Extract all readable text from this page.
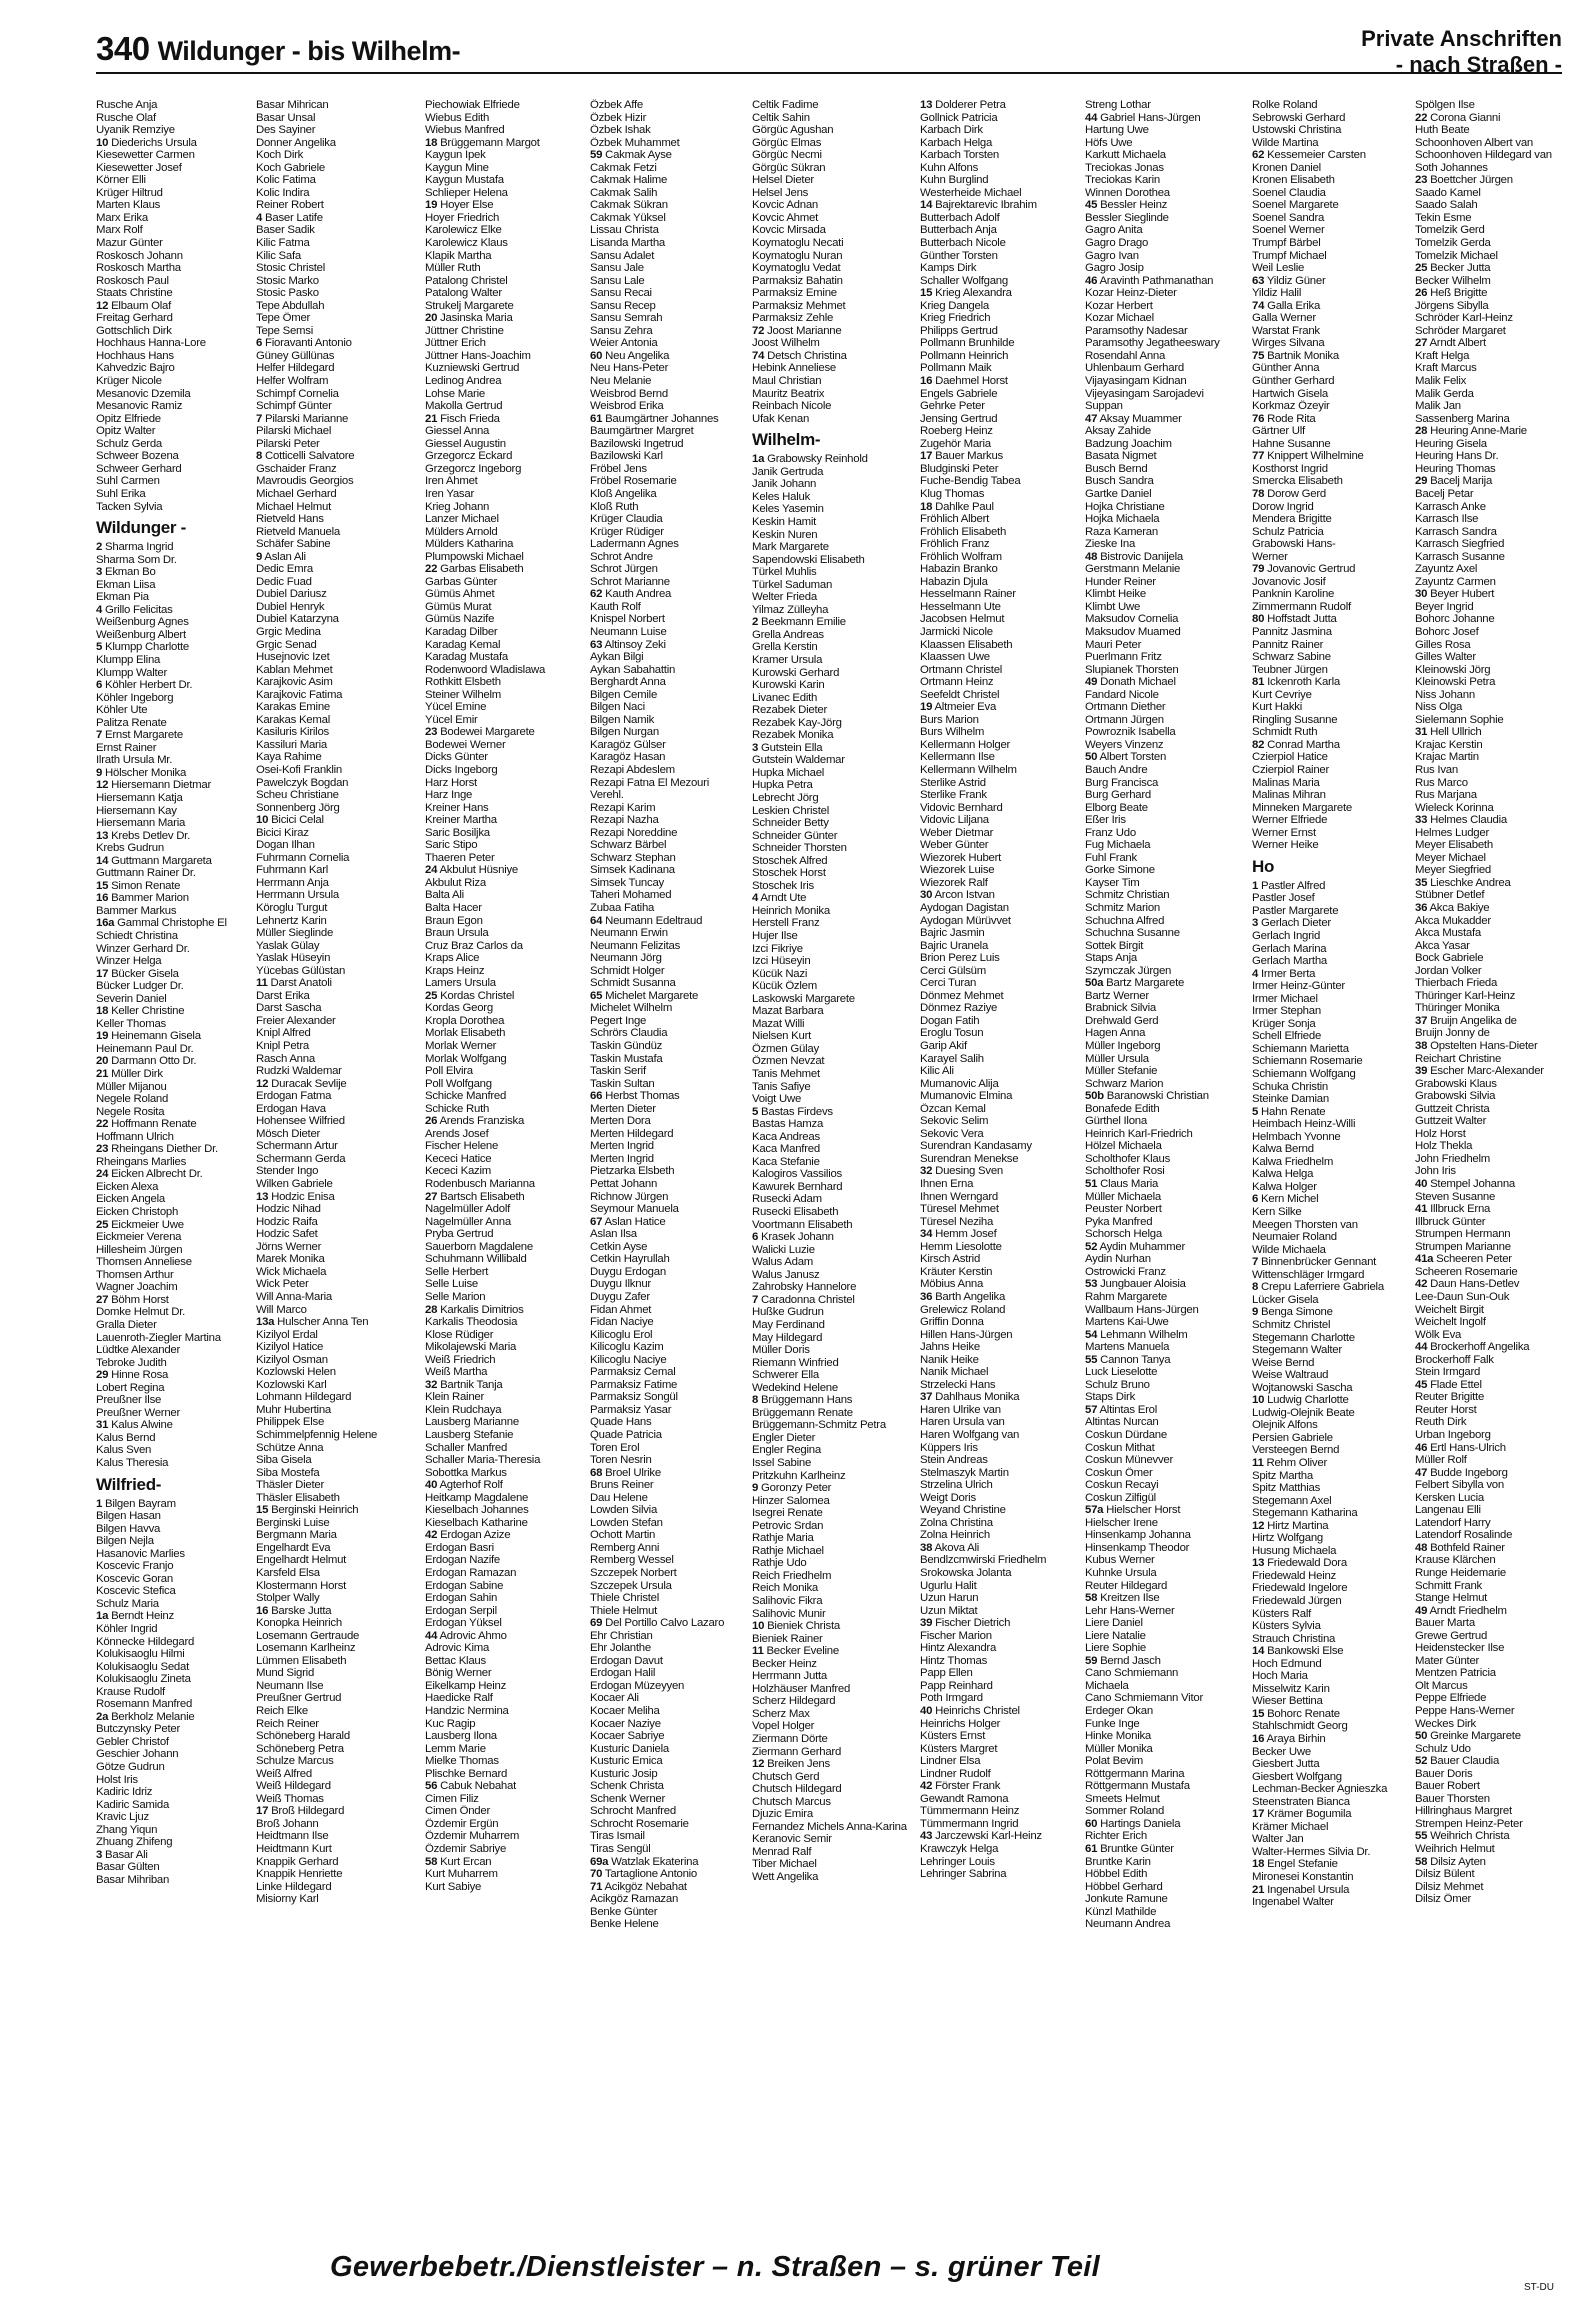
340 Wildunger - bis Wilhelm-	Private Anschriften
- nach Straßen -
Rusche Anja
Rusche Olaf
Uyanik Remziye
10 Diederichs Ursula
Kiesewetter Carmen
Kiesewetter Josef
Körner Elli
Krüger Hiltrud
Marten Klaus
Marx Erika
Marx Rolf
Mazur Günter
Roskosch Johann
Roskosch Martha
Roskosch Paul
Staats Christine
12 Elbaum Olaf
Freitag Gerhard
Gottschlich Dirk
Hochhaus Hanna-Lore
Hochhaus Hans
Kahvedzic Bajro
Krüger Nicole
Mesanovic Dzemila
Mesanovic Ramiz
Opitz Elfriede
Opitz Walter
Schulz Gerda
Schweer Bozena
Schweer Gerhard
Suhl Carmen
Suhl Erika
Tacken Sylvia
Wildunger -
2 Sharma Ingrid
Sharma Som Dr.
3 Ekman Bo
Ekman Liisa
Ekman Pia
4 Grillo Felicitas
Weißenburg Agnes
Weißenburg Albert
5 Klumpp Charlotte
Klumpp Elina
Klumpp Walter
6 Köhler Herbert Dr.
Köhler Ingeborg
Köhler Ute
Palitza Renate
7 Ernst Margarete
Ernst Rainer
Ilrath Ursula Mr.
9 Hölscher Monika
12 Hiersemann Dietmar
Hiersemann Katja
Hiersemann Kay
Hiersemann Maria
13 Krebs Detlev Dr.
Krebs Gudrun
14 Guttmann Margareta
Guttmann Rainer Dr.
15 Simon Renate
16 Bammer Marion
Bammer Markus
16a Gammal Christophe El
Schiedt Christina
Winzer Gerhard Dr.
Winzer Helga
17 Bücker Gisela
Bücker Ludger Dr.
Severin Daniel
18 Keller Christine
Keller Thomas
19 Heinemann Gisela
Heinemann Paul Dr.
20 Darmann Otto Dr.
21 Müller Dirk
Müller Mijanou
Negele Roland
Negele Rosita
22 Hoffmann Renate
Hoffmann Ulrich
23 Rheingans Diether Dr.
Rheingans Marlies
24 Eicken Albrecht Dr.
Eicken Alexa
Eicken Angela
Eicken Christoph
25 Eickmeier Uwe
Eickmeier Verena
Hillesheim Jürgen
Thomsen Anneliese
Thomsen Arthur
Wagner Joachim
27 Böhm Horst
Domke Helmut Dr.
Gralla Dieter
Lauenroth-Ziegler Martina
Lüdtke Alexander
Tebroke Judith
29 Hinne Rosa
Lobert Regina
Preußner Ilse
Preußner Werner
31 Kalus Alwine
Kalus Bernd
Kalus Sven
Kalus Theresia
Wilfried-
1 Bilgen Bayram
Bilgen Hasan
Bilgen Havva
Bilgen Nejla
Hasanovic Marlies
Koscevic Franjo
Koscevic Goran
Koscevic Stefica
Schulz Maria
1a Berndt Heinz
Köhler Ingrid
Könnecke Hildegard
Kolukisaoglu Hilmi
Kolukisaoglu Sedat
Kolukisaoglu Zineta
Krause Rudolf
Rosemann Manfred
2a Berkholz Melanie
Butczynsky Peter
Gebler Christof
Geschier Johann
Götze Gudrun
Holst Iris
Kadiric Idriz
Kadiric Samida
Kravic Ljuz
Zhang Yiqun
Zhuang Zhifeng
3 Basar Ali
Basar Gülten
Basar Mihriban
Basar Mihrican
Basar Unsal
Des Sayiner
Donner Angelika
Koch Dirk
Koch Gabriele
Kolic Fatima
Kolic Indira
Reiner Robert
4 Baser Latife
Baser Sadik
Kilic Fatma
Kilic Safa
Stosic Christel
Stosic Marko
Stosic Pasko
Tepe Abdullah
Tepe Ömer
Tepe Semsi
6 Fioravanti Antonio
Güney Güllünas
Helfer Hildegard
Helfer Wolfram
Schimpf Cornelia
Schimpf Günter
7 Pilarski Marianne
Pilarski Michael
Pilarski Peter
8 Cotticelli Salvatore
Gschaider Franz
Mavroudis Georgios
Michael Gerhard
Michael Helmut
Rietveld Hans
Rietveld Manuela
Schäfer Sabine
9 Aslan Ali
Dedic Emra
Dedic Fuad
Dubiel Dariusz
Dubiel Henryk
Dubiel Katarzyna
Grgic Medina
Grgic Senad
Husejnovic Izet
Kablan Mehmet
Karajkovic Asim
Karajkovic Fatima
Karakas Emine
Karakas Kemal
Kasiluris Kirilos
Kassiluri Maria
Kaya Rahime
Osei-Kofi Franklin
Pawelczyk Bogdan
Scheu Christiane
Sonnenberg Jörg
10 Bicici Celal
Bicici Kiraz
Dogan Ilhan
Fuhrmann Cornelia
Fuhrmann Karl
Herrmann Anja
Herrmann Ursula
Köroglu Turgut
Lehnertz Karin
Müller Sieglinde
Yaslak Gülay
Yaslak Hüseyin
Yücebas Gülüstan
11 Darst Anatoli
Darst Erika
Darst Sascha
Freier Alexander
Knipl Alfred
Knipl Petra
Rasch Anna
Rudzki Waldemar
12 Duracak Sevlije
Erdogan Fatma
Erdogan Hava
Hohensee Wilfried
Mösch Dieter
Schermann Artur
Schermann Gerda
Stender Ingo
Wilken Gabriele
13 Hodzic Enisa
Hodzic Nihad
Hodzic Raifa
Hodzic Safet
Jörns Werner
Marek Monika
Wick Michaela
Wick Peter
Will Anna-Maria
Will Marco
13a Hulscher Anna Ten
Kizilyol Erdal
Kizilyol Hatice
Kizilyol Osman
Kozlowski Helen
Kozlowski Karl
Lohmann Hildegard
Muhr Hubertina
Philippek Else
Schimmelpfennig Helene
Schütze Anna
Siba Gisela
Siba Mostefa
Thäsler Dieter
Thäsler Elisabeth
15 Berginski Heinrich
Berginski Luise
Bergmann Maria
Engelhardt Eva
Engelhardt Helmut
Karsfeld Elsa
Klostermann Horst
Stolper Wally
16 Barske Jutta
Konopka Heinrich
Losemann Gertraude
Losemann Karlheinz
Lümmen Elisabeth
Mund Sigrid
Neumann Ilse
Preußner Gertrud
Reich Elke
Reich Reiner
Schöneberg Harald
Schöneberg Petra
Schulze Marcus
Weiß Alfred
Weiß Hildegard
Weiß Thomas
17 Broß Hildegard
Broß Johann
Heidtmann Ilse
Heidtmann Kurt
Knappik Gerhard
Knappik Henriette
Linke Hildegard
Misiorny Karl
Piechowiak Elfriede
Wiebus Edith
Wiebus Manfred
18 Brüggemann Margot
Kaygun Ipek
Kaygun Mine
Kaygun Mustafa
Schlieper Helena
19 Hoyer Else
Hoyer Friedrich
Karolewicz Elke
Karolewicz Klaus
Klapik Martha
Müller Ruth
Patalong Christel
Patalong Walter
Strukelj Margarete
20 Jasinska Maria
Jüttner Christine
Jüttner Erich
Jüttner Hans-Joachim
Kuzniewski Gertrud
Ledinog Andrea
Lohse Marie
Makolla Gertrud
21 Fisch Frieda
Giessel Anna
Giessel Augustin
Grzegorcz Eckard
Grzegorcz Ingeborg
Iren Ahmet
Iren Yasar
Krieg Johann
Lanzer Michael
Mülders Arnold
Mülders Katharina
Plumpowski Michael
22 Garbas Elisabeth
Garbas Günter
Gümüs Ahmet
Gümüs Murat
Gümüs Nazife
Karadag Dilber
Karadag Kemal
Karadag Mustafa
Rodenwoord Wladislawa
Rothkitt Elsbeth
Steiner Wilhelm
Yücel Emine
Yücel Emir
23 Bodewei Margarete
Bodewei Werner
Dicks Günter
Dicks Ingeborg
Harz Horst
Harz Inge
Kreiner Hans
Kreiner Martha
Saric Bosiljka
Saric Stipo
Thaeren Peter
24 Akbulut Hüsniye
Akbulut Riza
Balta Ali
Balta Hacer
Braun Egon
Braun Ursula
Cruz Braz Carlos da
Kraps Alice
Kraps Heinz
Lamers Ursula
25 Kordas Christel
Kordas Georg
Kropla Dorothea
Morlak Elisabeth
Morlak Werner
Morlak Wolfgang
Poll Elvira
Poll Wolfgang
Schicke Manfred
Schicke Ruth
26 Arends Franziska
Arends Josef
Fischer Helene
Kececi Hatice
Kececi Kazim
Rodenbusch Marianna
27 Bartsch Elisabeth
Nagelmüller Adolf
Nagelmüller Anna
Pryba Gertrud
Sauerborn Magdalene
Schuhmann Willibald
Selle Herbert
Selle Luise
Selle Marion
28 Karkalis Dimitrios
Karkalis Theodosia
Klose Rüdiger
Mikolajewski Maria
Weiß Friedrich
Weiß Martha
32 Bartnik Tanja
Klein Rainer
Klein Rudchaya
Lausberg Marianne
Lausberg Stefanie
Schaller Manfred
Schaller Maria-Theresia
Sobottka Markus
40 Agterhof Rolf
Heitkamp Magdalene
Kieselbach Johannes
Kieselbach Katharine
42 Erdogan Azize
Erdogan Basri
Erdogan Nazife
Erdogan Ramazan
Erdogan Sabine
Erdogan Sahin
Erdogan Serpil
Erdogan Yüksel
44 Adrovic Ahmo
Adrovic Kima
Bettac Klaus
Bönig Werner
Eikelkamp Heinz
Haedicke Ralf
Handzic Nermina
Kuc Ragip
Lausberg Ilona
Lemm Marie
Mielke Thomas
Plischke Bernard
56 Cabuk Nebahat
Cimen Filiz
Cimen Önder
Özdemir Ergün
Özdemir Muharrem
Özdemir Sabriye
58 Kurt Ercan
Kurt Muharrem
Kurt Sabiye
Özbek Affe
Özbek Hizir
Özbek Ishak
Özbek Muhammet
59 Cakmak Ayse
Cakmak Fetzi
Cakmak Halime
Cakmak Salih
Cakmak Sükran
Cakmak Yüksel
Lissau Christa
Lisanda Martha
Sansu Adalet
Sansu Jale
Sansu Lale
Sansu Recai
Sansu Recep
Sansu Semrah
Sansu Zehra
Weier Antonia
60 Neu Angelika
Neu Hans-Peter
Neu Melanie
Weisbrod Bernd
Weisbrod Erika
61 Baumgärtner Johannes
Baumgärtner Margret
Bazilowski Ingetrud
Bazilowski Karl
Fröbel Jens
Fröbel Rosemarie
Kloß Angelika
Kloß Ruth
Krüger Claudia
Krüger Rüdiger
Ladermann Agnes
Schrot Andre
Schrot Jürgen
Schrot Marianne
62 Kauth Andrea
Kauth Rolf
Knispel Norbert
Neumann Luise
63 Altinsoy Zeki
Aykan Bilgi
Aykan Sabahattin
Berghardt Anna
Bilgen Cemile
Bilgen Naci
Bilgen Namik
Bilgen Nurgan
Karagöz Gülser
Karagöz Hasan
Rezapi Abdeslem
Rezapi Fatna El Mezouri
Verehl.
Rezapi Karim
Rezapi Nazha
Rezapi Noreddine
Schwarz Bärbel
Schwarz Stephan
Simsek Kadinana
Simsek Tuncay
Taheri Mohamed
Zubaa Fatiha
64 Neumann Edeltraud
Neumann Erwin
Neumann Felizitas
Neumann Jörg
Schmidt Holger
Schmidt Susanna
65 Michelet Margarete
Michelet Wilhelm
Pegert Inge
Schrörs Claudia
Taskin Gündüz
Taskin Mustafa
Taskin Serif
Taskin Sultan
66 Herbst Thomas
Merten Dieter
Merten Dora
Merten Hildegard
Merten Ingrid
Merten Ingrid
Pietzarka Elsbeth
Pettat Johann
Richnow Jürgen
Seymour Manuela
67 Aslan Hatice
Aslan Ilsa
Cetkin Ayse
Cetkin Hayrullah
Duygu Erdogan
Duygu Ilknur
Duygu Zafer
Fidan Ahmet
Fidan Naciye
Kilicoglu Erol
Kilicoglu Kazim
Kilicoglu Naciye
Parmaksiz Cemal
Parmaksiz Fatime
Parmaksiz Songül
Parmaksiz Yasar
Quade Hans
Quade Patricia
Toren Erol
Toren Nesrin
68 Broel Ulrike
Bruns Reiner
Dau Helene
Lowden Silvia
Lowden Stefan
Ochott Martin
Remberg Anni
Remberg Wessel
Szczepek Norbert
Szczepek Ursula
Thiele Christel
Thiele Helmut
69 Del Portillo Calvo Lazaro
Ehr Christian
Ehr Jolanthe
Erdogan Davut
Erdogan Halil
Erdogan Müzeyyen
Kocaer Ali
Kocaer Meliha
Kocaer Naziye
Kocaer Sabriye
Kusturic Daniela
Kusturic Emica
Kusturic Josip
Schenk Christa
Schenk Werner
Schrocht Manfred
Schrocht Rosemarie
Tiras Ismail
Tiras Sengül
69a Watzlak Ekaterina
70 Tartaglione Antonio
71 Acikgöz Nebahat
Acikgöz Ramazan
Benke Günter
Benke Helene
Celtik Fadime
Celtik Sahin
Görgüc Agushan
Görgüc Elmas
Görgüc Necmi
Görgüc Sükran
Helsel Dieter
Helsel Jens
Kovcic Adnan
Kovcic Ahmet
Kovcic Mirsada
Koymatoglu Necati
Koymatoglu Nuran
Koymatoglu Vedat
Parmaksiz Bahatin
Parmaksiz Emine
Parmaksiz Mehmet
Parmaksiz Zehle
72 Joost Marianne
Joost Wilhelm
74 Detsch Christina
Hebink Anneliese
Maul Christian
Mauritz Beatrix
Reinbach Nicole
Ufak Kenan
Wilhelm-
1a Grabowsky Reinhold
Janik Gertruda
Janik Johann
Keles Haluk
Keles Yasemin
Keskin Hamit
Keskin Nuren
Mark Margarete
Sapendowski Elisabeth
Türkel Muhlis
Türkel Saduman
Welter Frieda
Yilmaz Zülleyha
2 Beekmann Emilie
Grella Andreas
Grella Kerstin
Kramer Ursula
Kurowski Gerhard
Kurowski Karin
Livanec Edith
Rezabek Dieter
Rezabek Kay-Jörg
Rezabek Monika
3 Gutstein Ella
Gutstein Waldemar
Hupka Michael
Hupka Petra
Lebrecht Jörg
Leskien Christel
Schneider Betty
Schneider Günter
Schneider Thorsten
Stoschek Alfred
Stoschek Horst
Stoschek Iris
4 Arndt Ute
Heinrich Monika
Herstell Franz
Hujer Ilse
Izci Fikriye
Izci Hüseyin
Kücük Nazi
Kücük Özlem
Laskowski Margarete
Mazat Barbara
Mazat Willi
Nielsen Kurt
Özmen Gülay
Özmen Nevzat
Tanis Mehmet
Tanis Safiye
Voigt Uwe
5 Bastas Firdevs
Bastas Hamza
Kaca Andreas
Kaca Manfred
Kaca Stefanie
Kalogiros Vassilios
Kawurek Bernhard
Rusecki Adam
Rusecki Elisabeth
Voortmann Elisabeth
6 Krasek Johann
Walicki Luzie
Walus Adam
Walus Janusz
Zahrobsky Hannelore
7 Caradonna Christel
Hußke Gudrun
May Ferdinand
May Hildegard
Müller Doris
Riemann Winfried
Schwerer Ella
Wedekind Helene
8 Brüggemann Hans
Brüggemann Renate
Brüggemann-Schmitz Petra
Engler Dieter
Engler Regina
Issel Sabine
Pritzkuhn Karlheinz
9 Goronzy Peter
Hinzer Salomea
Isegrei Renate
Petrovic Srdan
Rathje Maria
Rathje Michael
Rathje Udo
Reich Friedhelm
Reich Monika
Salihovic Fikra
Salihovic Munir
10 Bieniek Christa
Bieniek Rainer
11 Becker Eveline
Becker Heinz
Herrmann Jutta
Holzhäuser Manfred
Scherz Hildegard
Scherz Max
Vopel Holger
Ziermann Dörte
Ziermann Gerhard
12 Breiken Jens
Chutsch Gerd
Chutsch Hildegard
Chutsch Marcus
Djuzic Emira
Fernandez Michels Anna-Karina
Keranovic Semir
Menrad Ralf
Tiber Michael
Wett Angelika
13 Dolderer Petra
Gollnick Patricia
Karbach Dirk
Karbach Helga
Karbach Torsten
Kuhn Alfons
Kuhn Burglind
Westerheide Michael
14 Bajrektarevic Ibrahim
Butterbach Adolf
Butterbach Anja
Butterbach Nicole
Günther Torsten
Kamps Dirk
Schaller Wolfgang
15 Krieg Alexandra
Krieg Dangela
Krieg Friedrich
Philipps Gertrud
Pollmann Brunhilde
Pollmann Heinrich
Pollmann Maik
16 Daehmel Horst
Engels Gabriele
Gehrke Peter
Jensing Gertrud
Roeberg Heinz
Zugehör Maria
17 Bauer Markus
Bludginski Peter
Fuche-Bendig Tabea
Klug Thomas
18 Dahlke Paul
Fröhlich Albert
Fröhlich Elisabeth
Fröhlich Franz
Fröhlich Wolfram
Habazin Branko
Habazin Djula
Hesselmann Rainer
Hesselmann Ute
Jacobsen Helmut
Jarmicki Nicole
Klaassen Elisabeth
Klaassen Uwe
Ortmann Christel
Ortmann Heinz
Seefeldt Christel
19 Altmeier Eva
Burs Marion
Burs Wilhelm
Kellermann Holger
Kellermann Ilse
Kellermann Wilhelm
Sterlike Astrid
Sterlike Frank
Vidovic Bernhard
Vidovic Liljana
Weber Dietmar
Weber Günter
Wiezorek Hubert
Wiezorek Luise
Wiezorek Ralf
30 Arcon Istvan
Aydogan Dagistan
Aydogan Mürüvvet
Bajric Jasmin
Bajric Uranela
Brion Perez Luis
Cerci Gülsüm
Cerci Turan
Dönmez Mehmet
Dönmez Raziye
Dogan Fatih
Eroglu Tosun
Garip Akif
Karayel Salih
Kilic Ali
Mumanovic Alija
Mumanovic Elmina
Özcan Kemal
Sekovic Selim
Sekovic Vera
Surendran Kandasamy
Surendran Menekse
32 Duesing Sven
Ihnen Erna
Ihnen Werngard
Türesel Mehmet
Türesel Neziha
34 Hemm Josef
Hemm Liesolotte
Kirsch Astrid
Kräuter Kerstin
Möbius Anna
36 Barth Angelika
Grelewicz Roland
Griffin Donna
Hillen Hans-Jürgen
Jahns Heike
Nanik Heike
Nanik Michael
Strzelecki Hans
37 Dahlhaus Monika
Haren Ulrike van
Haren Ursula van
Haren Wolfgang van
Küppers Iris
Stein Andreas
Stelmaszyk Martin
Strzelina Ulrich
Weigt Doris
Weyand Christine
Zolna Christina
Zolna Heinrich
38 Akova Ali
Bendlzcmwirski Friedhelm
Srokowska Jolanta
Ugurlu Halit
Uzun Harun
Uzun Miktat
39 Fischer Dietrich
Fischer Marion
Hintz Alexandra
Hintz Thomas
Papp Ellen
Papp Reinhard
Poth Irmgard
40 Heinrichs Christel
Heinrichs Holger
Küsters Ernst
Küsters Margret
Lindner Elsa
Lindner Rudolf
42 Förster Frank
Gewandt Ramona
Tümmermann Heinz
Tümmermann Ingrid
43 Jarczewski Karl-Heinz
Krawczyk Helga
Lehringer Louis
Lehringer Sabrina
Streng Lothar
44 Gabriel Hans-Jürgen
Hartung Uwe
Höfs Uwe
Karkutt Michaela
Treciokas Jonas
Treciokas Karin
Winnen Dorothea
45 Bessler Heinz
Bessler Sieglinde
Gagro Anita
Gagro Drago
Gagro Ivan
Gagro Josip
46 Aravinth Pathmanathan
Kozar Heinz-Dieter
Kozar Herbert
Kozar Michael
Paramsothy Nadesar
Paramsothy Jegatheeswary
Rosendahl Anna
Uhlenbaum Gerhard
Vijayasingam Kidnan
Vijeyasingam Sarojadevi
Suppan
47 Aksay Muammer
Aksay Zahide
Badzung Joachim
Basata Nigmet
Busch Bernd
Busch Sandra
Gartke Daniel
Hojka Christiane
Hojka Michaela
Raza Kameran
Zieske Ina
48 Bistrovic Danijela
Gerstmann Melanie
Hunder Reiner
Klimbt Heike
Klimbt Uwe
Maksudov Cornelia
Maksudov Muamed
Mauri Peter
Puerlmann Fritz
Slupianek Thorsten
49 Donath Michael
Fandard Nicole
Ortmann Diether
Ortmann Jürgen
Powroznik Isabella
Weyers Vinzenz
50 Albert Torsten
Bauch Andre
Burg Francisca
Burg Gerhard
Elborg Beate
Eßer Iris
Franz Udo
Fug Michaela
Fuhl Frank
Gorke Simone
Kayser Tim
Schmitz Christian
Schmitz Marion
Schuchna Alfred
Schuchna Susanne
Sottek Birgit
Staps Anja
Szymczak Jürgen
50a Bartz Margarete
Bartz Werner
Brabnick Silvia
Drehwald Gerd
Hagen Anna
Müller Ingeborg
Müller Ursula
Müller Stefanie
Schwarz Marion
50b Baranowski Christian
Bonafede Edith
Gürthel Ilona
Heinrich Karl-Friedrich
Hölzel Michaela
Scholthofer Klaus
Scholthofer Rosi
51 Claus Maria
Müller Michaela
Peuster Norbert
Pyka Manfred
Schorsch Helga
52 Aydin Muhammer
Aydin Nurhan
Ostrowicki Franz
53 Jungbauer Aloisia
Rahm Margarete
Wallbaum Hans-Jürgen
Martens Kai-Uwe
54 Lehmann Wilhelm
Martens Manuela
55 Cannon Tanya
Luck Lieselotte
Schulz Bruno
Staps Dirk
57 Altintas Erol
Altintas Nurcan
Coskun Dürdane
Coskun Mithat
Coskun Münevver
Coskun Ömer
Coskun Recayi
Coskun Zilfigül
57a Hielscher Horst
Hielscher Irene
Hinsenkamp Johanna
Hinsenkamp Theodor
Kubus Werner
Kuhnke Ursula
Reuter Hildegard
58 Kreitzen Ilse
Lehr Hans-Werner
Liere Daniel
Liere Natalie
Liere Sophie
59 Bernd Jasch
Cano Schmiemann
Michaela
Cano Schmiemann Vitor
Erdeger Okan
Funke Inge
Hinke Monika
Müller Monika
Polat Bevim
Röttgermann Marina
Röttgermann Mustafa
Smeets Helmut
Sommer Roland
60 Hartings Daniela
Richter Erich
61 Bruntke Günter
Bruntke Karin
Höbbel Edith
Höbbel Gerhard
Jonkute Ramune
Künzl Mathilde
Neumann Andrea
Rolke Roland
Sebrowski Gerhard
Ustowski Christina
Wilde Martina
62 Kessemeier Carsten
Kronen Daniel
Kronen Elisabeth
Soenel Claudia
Soenel Margarete
Soenel Sandra
Soenel Werner
Trumpf Bärbel
Trumpf Michael
Weil Leslie
63 Yildiz Güner
Yildiz Halil
74 Galla Erika
Galla Werner
Warstat Frank
Wirges Silvana
75 Bartnik Monika
Günther Anna
Günther Gerhard
Hartwich Gisela
Korkmaz Özeyir
76 Rode Rita
Gärtner Ulf
Hahne Susanne
77 Knippert Wilhelmine
Kosthorst Ingrid
Smercka Elisabeth
78 Dorow Gerd
Dorow Ingrid
Mendera Brigitte
Schulz Patricia
Grabowski Hans-
Werner
79 Jovanovic Gertrud
Jovanovic Josif
Panknin Karoline
Zimmermann Rudolf
80 Hoffstadt Jutta
Pannitz Jasmina
Pannitz Rainer
Schwarz Sabine
Teubner Jürgen
81 Ickenroth Karla
Kurt Cevriye
Kurt Hakki
Ringling Susanne
Schmidt Ruth
82 Conrad Martha
Czierpiol Hatice
Czierpiol Rainer
Malinas Maria
Malinas Mihran
Minneken Margarete
Werner Elfriede
Werner Ernst
Werner Heike
Ho
1 Pastler Alfred
Pastler Josef
Pastler Margarete
3 Gerlach Dieter
Gerlach Ingrid
Gerlach Marina
Gerlach Martha
4 Irmer Berta
Irmer Heinz-Günter
Irmer Michael
Irmer Stephan
Krüger Sonja
Schell Elfriede
Schiemann Marietta
Schiemann Rosemarie
Schiemann Wolfgang
Schuka Christin
Steinke Damian
5 Hahn Renate
Heimbach Heinz-Willi
Helmbach Yvonne
Kalwa Bernd
Kalwa Friedhelm
Kalwa Helga
Kalwa Holger
6 Kern Michel
Kern Silke
Meegen Thorsten van
Neumaier Roland
Wilde Michaela
7 Binnenbrücker Gennant
Wittenschläger Irmgard
8 Crepu Laferriere Gabriela
Lücker Gisela
9 Benga Simone
Schmitz Christel
Stegemann Charlotte
Stegemann Walter
Weise Bernd
Weise Waltraud
Wojtanowski Sascha
10 Ludwig Charlotte
Ludwig-Olejnik Beate
Olejnik Alfons
Persien Gabriele
Versteegen Bernd
11 Rehm Oliver
Spitz Martha
Spitz Matthias
Stegemann Axel
Stegemann Katharina
12 Hirtz Martina
Hirtz Wolfgang
Husung Michaela
13 Friedewald Dora
Friedewald Heinz
Friedewald Ingelore
Friedewald Jürgen
Küsters Ralf
Küsters Sylvia
Strauch Christina
14 Bankowski Else
Hoch Edmund
Hoch Maria
Misselwitz Karin
Wieser Bettina
15 Bohorc Renate
Stahlschmidt Georg
16 Araya Birhin
Becker Uwe
Giesbert Jutta
Giesbert Wolfgang
Lechman-Becker Agnieszka
Steenstraten Bianca
17 Krämer Bogumila
Krämer Michael
Walter Jan
Walter-Hermes Silvia Dr.
18 Engel Stefanie
Mironesei Konstantin
21 Ingenabel Ursula
Ingenabel Walter
Spölgen Ilse
22 Corona Gianni
Huth Beate
Schoonhoven Albert van
Schoonhoven Hildegard van
Soth Johannes
23 Boettcher Jürgen
Saado Kamel
Saado Salah
Tekin Esme
Tomelzik Gerd
Tomelzik Gerda
Tomelzik Michael
25 Becker Jutta
Becker Wilhelm
26 Heß Brigitte
Jörgens Sibylla
Schröder Karl-Heinz
Schröder Margaret
27 Arndt Albert
Kraft Helga
Kraft Marcus
Malik Felix
Malik Gerda
Malik Jan
Sassenberg Marina
28 Heuring Anne-Marie
Heuring Gisela
Heuring Hans Dr.
Heuring Thomas
29 Bacelj Marija
Bacelj Petar
Karrasch Anke
Karrasch Ilse
Karrasch Sandra
Karrasch Siegfried
Karrasch Susanne
Zayuntz Axel
Zayuntz Carmen
30 Beyer Hubert
Beyer Ingrid
Bohorc Johanne
Bohorc Josef
Gilles Rosa
Gilles Walter
Kleinowski Jörg
Kleinowski Petra
Niss Johann
Niss Olga
Sielemann Sophie
31 Hell Ullrich
Krajac Kerstin
Krajac Martin
Rus Ivan
Rus Marco
Rus Marjana
Wieleck Korinna
33 Helmes Claudia
Helmes Ludger
Meyer Elisabeth
Meyer Michael
Meyer Siegfried
35 Lieschke Andrea
Stübner Detlef
36 Akca Bakiye
Akca Mukadder
Akca Mustafa
Akca Yasar
Bock Gabriele
Jordan Volker
Thierbach Frieda
Thüringer Karl-Heinz
Thüringer Monika
37 Bruijn Angelika de
Bruijn Jonny de
38 Opstelten Hans-Dieter
Reichart Christine
39 Escher Marc-Alexander
Grabowski Klaus
Grabowski Silvia
Guttzeit Christa
Guttzeit Walter
Holz Horst
Holz Thekla
John Friedhelm
John Iris
40 Stempel Johanna
Steven Susanne
41 Illbruck Erna
Illbruck Günter
Strumpen Hermann
Strumpen Marianne
41a Scheeren Peter
Scheeren Rosemarie
42 Daun Hans-Detlev
Lee-Daun Sun-Ouk
Weichelt Birgit
Weichelt Ingolf
Wölk Eva
44 Brockerhoff Angelika
Brockerhoff Falk
Stein Irmgard
45 Flade Ettel
Reuter Brigitte
Reuter Horst
Reuth Dirk
Urban Ingeborg
46 Ertl Hans-Ulrich
Müller Rolf
47 Budde Ingeborg
Felbert Sibylla von
Kersken Lucia
Langenau Elli
Latendorf Harry
Latendorf Rosalinde
48 Bothfeld Rainer
Krause Klärchen
Runge Heidemarie
Schmitt Frank
Stange Helmut
49 Arndt Friedhelm
Bauer Marta
Grewe Gertrud
Heidenstecker Ilse
Mater Günter
Mentzen Patricia
Olt Marcus
Peppe Elfriede
Peppe Hans-Werner
Weckes Dirk
50 Greinke Margarete
Schulz Udo
52 Bauer Claudia
Bauer Doris
Bauer Robert
Bauer Thorsten
Hillringhaus Margret
Strempen Heinz-Peter
55 Weihrich Christa
Weihrich Helmut
58 Dilsiz Ayten
Dilsiz Bülent
Dilsiz Mehmet
Dilsiz Ömer
Gewerbebetr./Dienstleister – n. Straßen – s. grüner Teil
ST-DU
